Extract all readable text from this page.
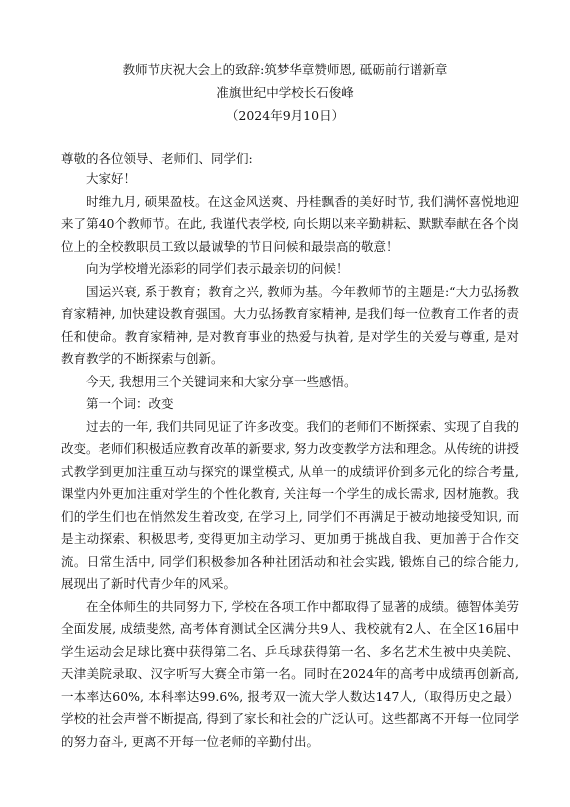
教师节庆祝大会上的致辞:筑梦华章赞师恩, 砥砺前行谱新章
准旗世纪中学校长石俊峰
（2024年9月10日）
尊敬的各位领导、老师们、同学们:

大家好！

时维九月, 硕果盈枝。在这金风送爽、丹桂飘香的美好时节, 我们满怀喜悦地迎来了第40个教师节。在此, 我谨代表学校, 向长期以来辛勤耕耘、默默奉献在各个岗位上的全校教职员工致以最诚挚的节日问候和最崇高的敬意！

向为学校增光添彩的同学们表示最亲切的问候！

国运兴衰, 系于教育；教育之兴, 教师为基。今年教师节的主题是:“大力弘扬教育家精神, 加快建设教育强国。大力弘扬教育家精神, 是我们每一位教育工作者的责任和使命。教育家精神, 是对教育事业的热爱与执着, 是对学生的关爱与尊重, 是对教育教学的不断探索与创新。

今天, 我想用三个关键词来和大家分享一些感悟。

第一个词：改变

过去的一年, 我们共同见证了许多改变。我们的老师们不断探索、实现了自我的改变。老师们积极适应教育改革的新要求, 努力改变教学方法和理念。从传统的讲授式教学到更加注重互动与探究的课堂模式, 从单一的成绩评价到多元化的综合考量, 课堂内外更加注重对学生的个性化教育, 关注每一个学生的成长需求, 因材施教。我们的学生们也在悄然发生着改变, 在学习上, 同学们不再满足于被动地接受知识, 而是主动探索、积极思考, 变得更加主动学习、更加勇于挑战自我、更加善于合作交流。日常生活中, 同学们积极参加各种社团活动和社会实践, 锻炼自己的综合能力, 展现出了新时代青少年的风采。

在全体师生的共同努力下, 学校在各项工作中都取得了显著的成绩。德智体美劳全面发展, 成绩斐然, 高考体育测试全区满分共9人、我校就有2人、在全区16届中学生运动会足球比赛中获得第二名、乒乓球获得第一名、多名艺术生被中央美院、天津美院录取、汉字听写大赛全市第一名。同时在2024年的高考中成绩再创新高, 一本率达60%, 本科率达99.6%, 报考双一流大学人数达147人,（取得历史之最）学校的社会声誉不断提高, 得到了家长和社会的广泛认可。这些都离不开每一位同学的努力奋斗, 更离不开每一位老师的辛勤付出。
